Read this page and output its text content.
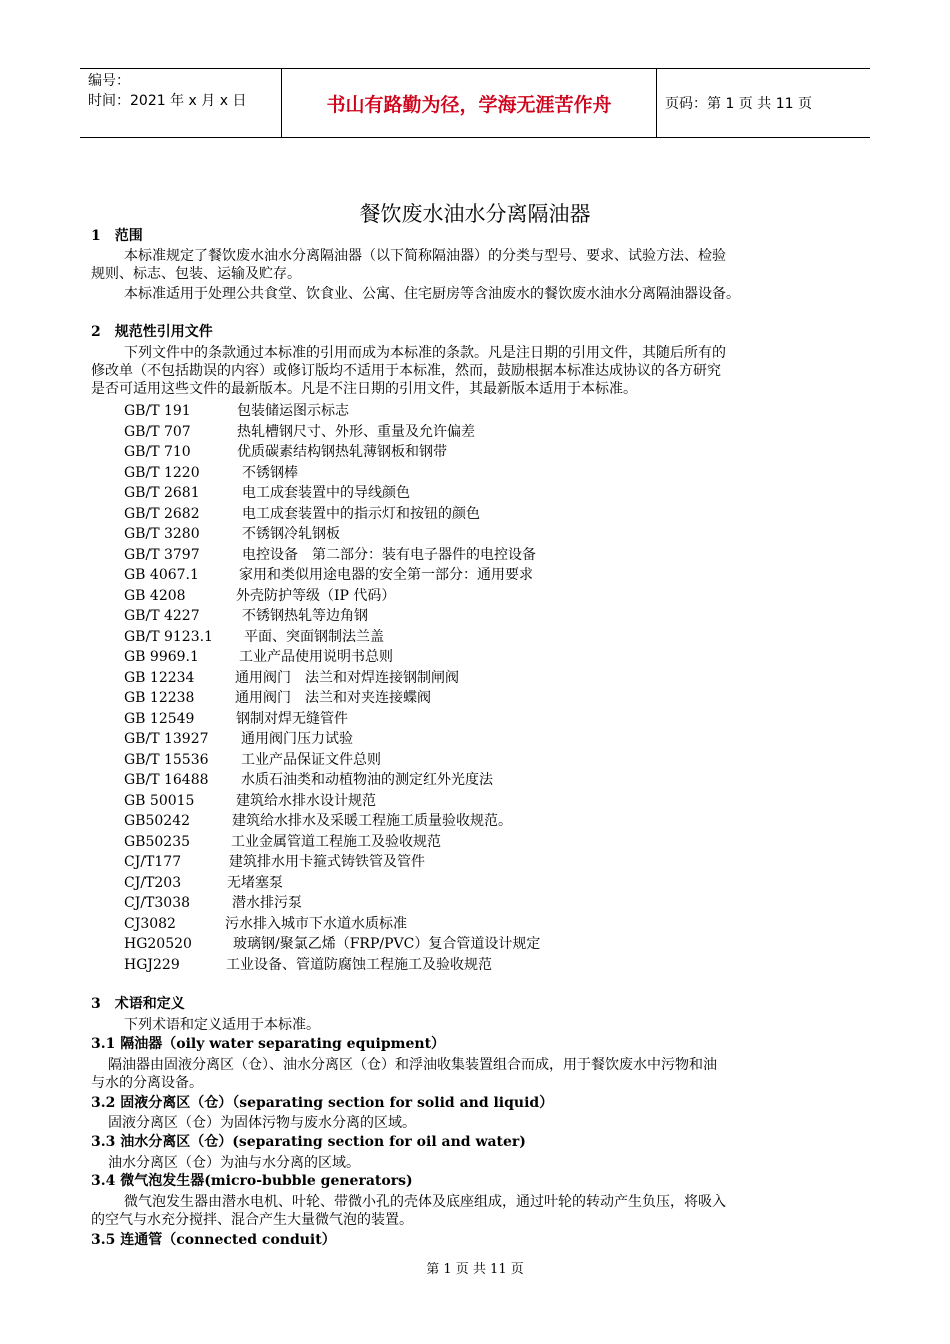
编号：
时间：2021 年 x 月 x 日	书山有路勤为径，学海无涯苦作舟	页码：第 1 页 共 11 页
餐饮废水油水分离隔油器
1　范围
本标准规定了餐饮废水油水分离隔油器（以下简称隔油器）的分类与型号、要求、试验方法、检验
规则、标志、包装、运输及贮存。
本标准适用于处理公共食堂、饮食业、公寓、住宅厨房等含油废水的餐饮废水油水分离隔油器设备。
2　规范性引用文件
下列文件中的条款通过本标准的引用而成为本标准的条款。凡是注日期的引用文件，其随后所有的
修改单（不包括勘误的内容）或修订版均不适用于本标准，然而，鼓励根据本标准达成协议的各方研究
是否可适用这些文件的最新版本。凡是不注日期的引用文件，其最新版本适用于本标准。
GB/T 191	包装储运图示标志
GB/T 707	热轧槽钢尺寸、外形、重量及允许偏差
GB/T 710	优质碳素结构钢热轧薄钢板和钢带
GB/T 1220	不锈钢棒
GB/T 2681	电工成套装置中的导线颜色
GB/T 2682	电工成套装置中的指示灯和按钮的颜色
GB/T 3280	不锈钢冷轧钢板
GB/T 3797	电控设备　第二部分：装有电子器件的电控设备
GB 4067.1	家用和类似用途电器的安全第一部分：通用要求
GB 4208	外壳防护等级（IP 代码）
GB/T 4227	不锈钢热轧等边角钢
GB/T 9123.1 平面、突面钢制法兰盖
GB 9969.1	工业产品使用说明书总则
GB 12234	通用阀门　法兰和对焊连接钢制闸阀
GB 12238	通用阀门　法兰和对夹连接蝶阀
GB 12549	钢制对焊无缝管件
GB/T 13927 通用阀门压力试验
GB/T 15536 工业产品保证文件总则
GB/T 16488 水质石油类和动植物油的测定红外光度法
GB 50015	建筑给水排水设计规范
GB50242	建筑给水排水及采暖工程施工质量验收规范。
GB50235	工业金属管道工程施工及验收规范
CJ/T177	建筑排水用卡箍式铸铁管及管件
CJ/T203	无堵塞泵
CJ/T3038	潜水排污泵
CJ3082	污水排入城市下水道水质标准
HG20520	玻璃钢/聚氯乙烯（FRP/PVC）复合管道设计规定
HGJ229	工业设备、管道防腐蚀工程施工及验收规范
3　术语和定义
下列术语和定义适用于本标准。
3.1 隔油器（oily water separating equipment）
隔油器由固液分离区（仓）、油水分离区（仓）和浮油收集装置组合而成，用于餐饮废水中污物和油
与水的分离设备。
3.2 固液分离区（仓）（separating section for solid and liquid）
固液分离区（仓）为固体污物与废水分离的区域。
3.3 油水分离区（仓）(separating section for oil and water)
油水分离区（仓）为油与水分离的区域。
3.4 微气泡发生器(micro-bubble generators)
微气泡发生器由潜水电机、叶轮、带微小孔的壳体及底座组成，通过叶轮的转动产生负压，将吸入
的空气与水充分搅拌、混合产生大量微气泡的装置。
3.5 连通管（connected conduit）
第 1 页 共 11 页
